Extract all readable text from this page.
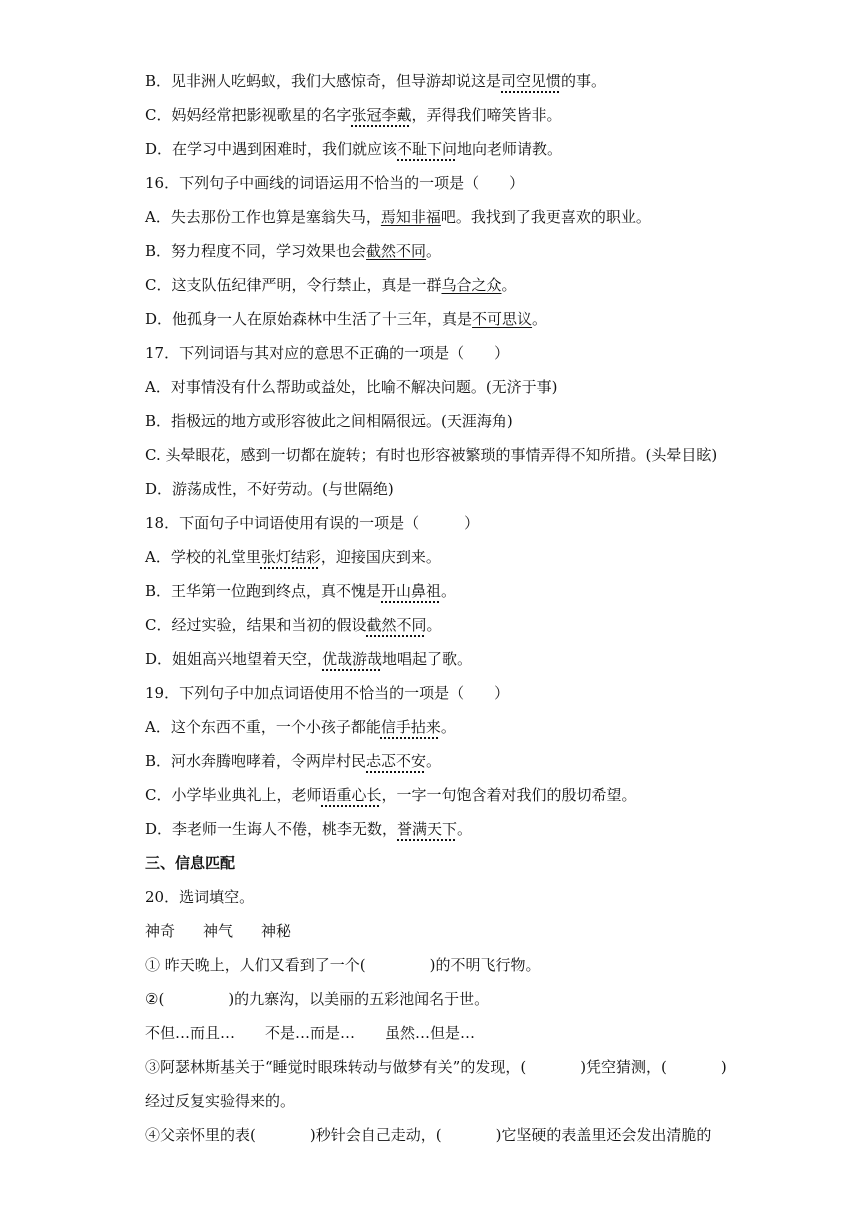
B．见非洲人吃蚂蚁，我们大感惊奇，但导游却说这是司空见惯的事。
C．妈妈经常把影视歌星的名字张冠李戴，弄得我们啼笑皆非。
D．在学习中遇到困难时，我们就应该不耻下问地向老师请教。
16．下列句子中画线的词语运用不恰当的一项是（　　）
A．失去那份工作也算是塞翁失马，焉知非福吧。我找到了我更喜欢的职业。
B．努力程度不同，学习效果也会截然不同。
C．这支队伍纪律严明，令行禁止，真是一群乌合之众。
D．他孤身一人在原始森林中生活了十三年，真是不可思议。
17．下列词语与其对应的意思不正确的一项是（　　）
A．对事情没有什么帮助或益处，比喻不解决问题。(无济于事)
B．指极远的地方或形容彼此之间相隔很远。(天涯海角)
C. 头晕眼花，感到一切都在旋转；有时也形容被繁琐的事情弄得不知所措。(头晕目眩)
D．游荡成性，不好劳动。(与世隔绝)
18．下面句子中词语使用有误的一项是（　　　）
A．学校的礼堂里张灯结彩，迎接国庆到来。
B．王华第一位跑到终点，真不愧是开山鼻祖。
C．经过实验，结果和当初的假设截然不同。
D．姐姐高兴地望着天空，优哉游哉地唱起了歌。
19．下列句子中加点词语使用不恰当的一项是（　　）
A．这个东西不重，一个小孩子都能信手拈来。
B．河水奔腾咆哮着，令两岸村民忐忑不安。
C．小学毕业典礼上，老师语重心长，一字一句饱含着对我们的殷切希望。
D．李老师一生诲人不倦，桃李无数，誉满天下。
三、信息匹配
20．选词填空。
神奇 神气 神秘
① 昨天晚上，人们又看到了一个(	)的不明飞行物。
②(	)的九寨沟，以美丽的五彩池闻名于世。
不但…而且… 不是…而是… 虽然…但是…
③阿瑟林斯基关于“睡觉时眼珠转动与做梦有关”的发现，(	)凭空猜测，(	)
经过反复实验得来的。
④父亲怀里的表(	)秒针会自己走动，(	)它坚硬的表盖里还会发出清脆的
